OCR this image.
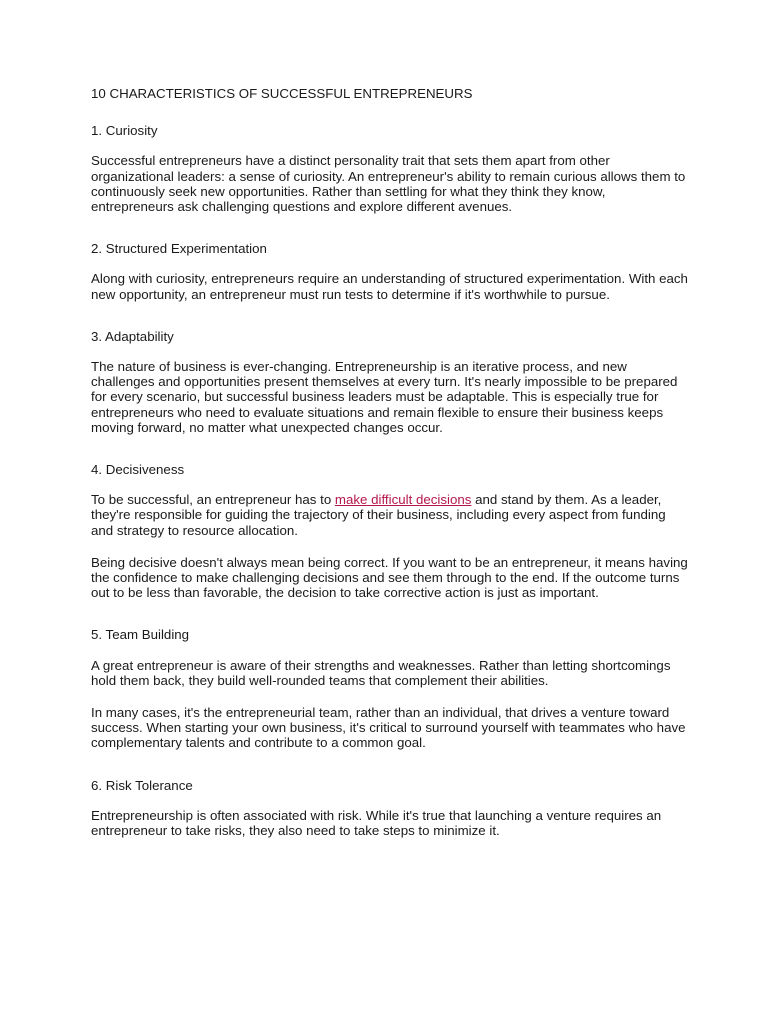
10 CHARACTERISTICS OF SUCCESSFUL ENTREPRENEURS
1. Curiosity

Successful entrepreneurs have a distinct personality trait that sets them apart from other organizational leaders: a sense of curiosity. An entrepreneur's ability to remain curious allows them to continuously seek new opportunities. Rather than settling for what they think they know, entrepreneurs ask challenging questions and explore different avenues.

2. Structured Experimentation

Along with curiosity, entrepreneurs require an understanding of structured experimentation. With each new opportunity, an entrepreneur must run tests to determine if it's worthwhile to pursue.

3. Adaptability

The nature of business is ever-changing. Entrepreneurship is an iterative process, and new challenges and opportunities present themselves at every turn. It's nearly impossible to be prepared for every scenario, but successful business leaders must be adaptable. This is especially true for entrepreneurs who need to evaluate situations and remain flexible to ensure their business keeps moving forward, no matter what unexpected changes occur.

4. Decisiveness

To be successful, an entrepreneur has to make difficult decisions and stand by them. As a leader, they're responsible for guiding the trajectory of their business, including every aspect from funding and strategy to resource allocation.

Being decisive doesn't always mean being correct. If you want to be an entrepreneur, it means having the confidence to make challenging decisions and see them through to the end. If the outcome turns out to be less than favorable, the decision to take corrective action is just as important.

5. Team Building

A great entrepreneur is aware of their strengths and weaknesses. Rather than letting shortcomings hold them back, they build well-rounded teams that complement their abilities.

In many cases, it's the entrepreneurial team, rather than an individual, that drives a venture toward success. When starting your own business, it's critical to surround yourself with teammates who have complementary talents and contribute to a common goal.

6. Risk Tolerance

Entrepreneurship is often associated with risk. While it's true that launching a venture requires an entrepreneur to take risks, they also need to take steps to minimize it.
